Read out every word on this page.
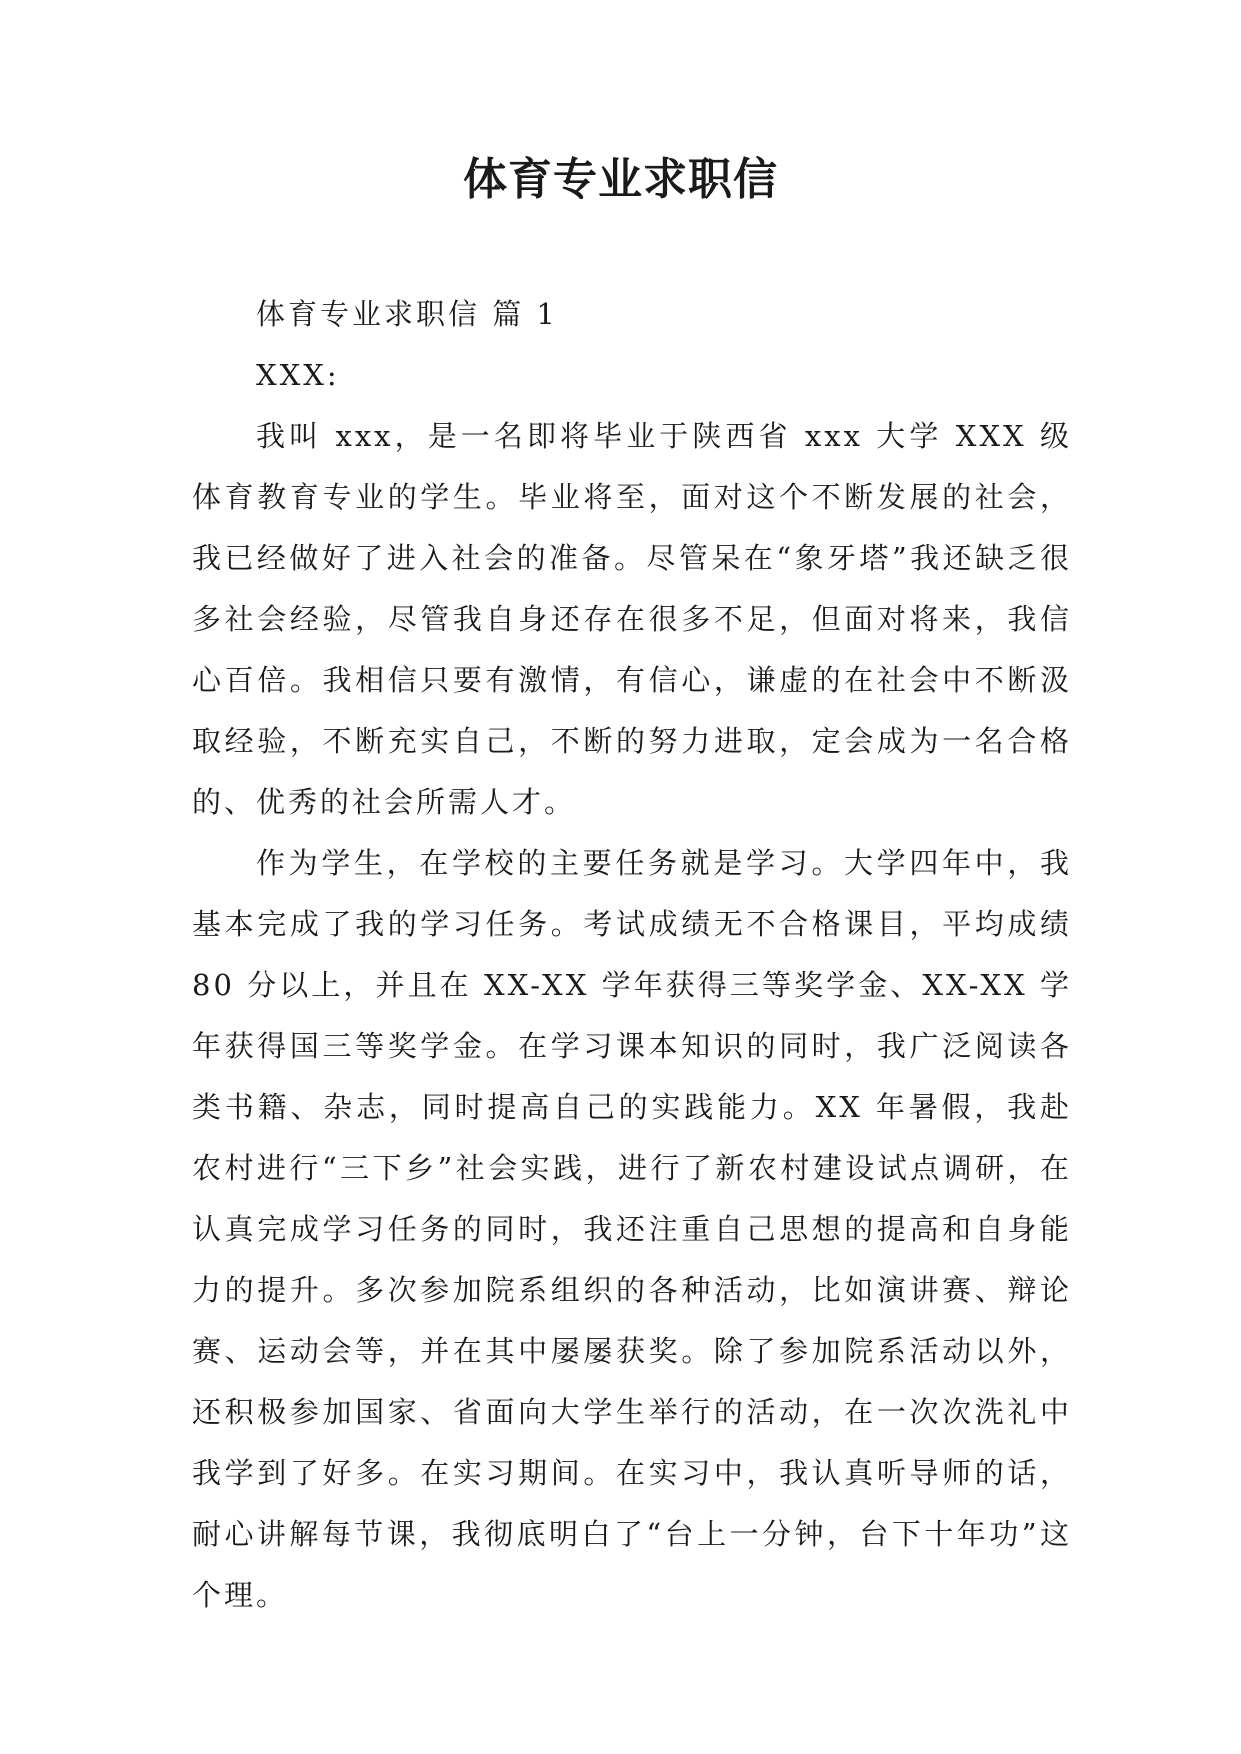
体育专业求职信

体育专业求职信 篇 1

XXX:

我叫 xxx，是一名即将毕业于陕西省 xxx 大学 XXX 级体育教育专业的学生。毕业将至，面对这个不断发展的社会，我已经做好了进入社会的准备。尽管呆在“象牙塔”我还缺乏很多社会经验，尽管我自身还存在很多不足，但面对将来，我信心百倍。我相信只要有激情，有信心，谦虚的在社会中不断汲取经验，不断充实自己，不断的努力进取，定会成为一名合格的、优秀的社会所需人才。

作为学生，在学校的主要任务就是学习。大学四年中，我基本完成了我的学习任务。考试成绩无不合格课目，平均成绩 80 分以上，并且在 XX-XX 学年获得三等奖学金、XX-XX 学年获得国三等奖学金。在学习课本知识的同时，我广泛阅读各类书籍、杂志，同时提高自己的实践能力。XX 年暑假，我赴农村进行“三下乡”社会实践，进行了新农村建设试点调研，在认真完成学习任务的同时，我还注重自己思想的提高和自身能力的提升。多次参加院系组织的各种活动，比如演讲赛、辩论赛、运动会等，并在其中屡屡获奖。除了参加院系活动以外，还积极参加国家、省面向大学生举行的活动，在一次次洗礼中我学到了好多。在实习期间。在实习中，我认真听导师的话，耐心讲解每节课，我彻底明白了“台上一分钟，台下十年功”这个理。
